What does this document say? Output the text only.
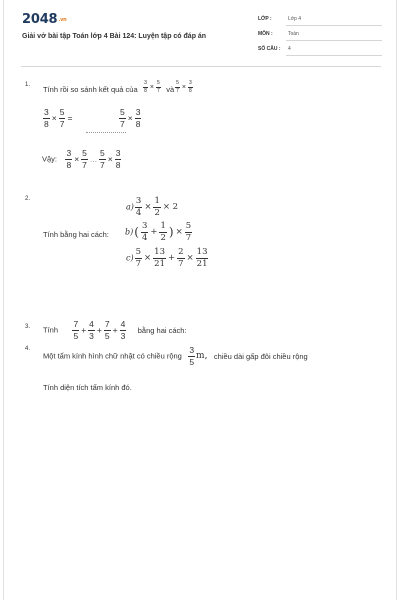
$2048^{.vn}$
Giải vở bài tập Toán lớp 4 Bài 124: Luyện tập có đáp án
LỚP :	Lớp 4
MÔN :	Toán
SỐ CÂU : 4
1. Tính rồi so sánh kết quả của $\frac{3}{8} \times \frac{5}{7}$ và $\frac{5}{7} \times \frac{3}{8}$
$\frac{3}{8} \times \frac{5}{7}$ =	$\frac{5}{7} \times \frac{3}{8}$
Vậy: $\frac{3}{8} \times \frac{5}{7}$ ... $\frac{5}{7} \times \frac{3}{8}$
2.
$a) \frac{3}{4} \times \frac{1}{2} \times 2$
Tính bằng hai cách: $b)( \frac{3}{4} + \frac{1}{2}$ ) × $\frac{5}{7}$
$c) \frac{5}{7} \times \frac{13}{21} + \frac{2}{7} \times \frac{13}{21}$
3. Tính $\frac{7}{5} + \frac{4}{3} + \frac{7}{5} + \frac{4}{3}$ bằng hai cách:
4.
Một tấm kính hình chữ nhật có chiều rộng $\frac{3}{5} m$, chiều dài gấp đôi chiều rộng
Tính diện tích tấm kính đó.
